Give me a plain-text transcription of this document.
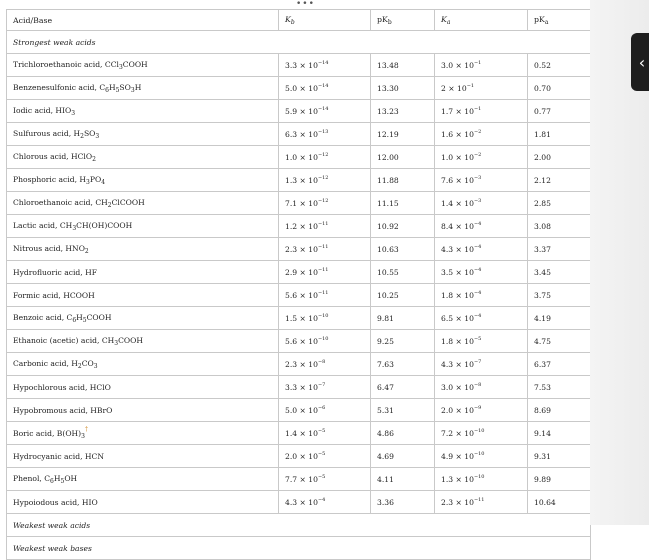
•••
Acid/Base	$K_b$	$pK_b$	$K_a$	$pK_a$
Strongest weak acids				
Trichloroethanoic acid, CCl$_3$COOH	$3.3 \times 10^{-14}$	13.48	$3.0 \times 10^{-1}$	0.52
Benzenesulfonic acid, $C_6H_5SO_3H$	$5.0 \times 10^{-14}$	13.30	$2 \times 10^{-1}$	0.70
Iodic acid, $HIO_3$	$5.9 \times 10^{-14}$	13.23	$1.7 \times 10^{-1}$	0.77
Sulfurous acid, $H_2SO_3$	$6.3 \times 10^{-13}$	12.19	$1.6 \times 10^{-2}$	1.81
Chlorous acid, HClO$_2$	$1.0 \times 10^{-12}$	12.00	$1.0 \times 10^{-2}$	2.00
Phosphoric acid, $H_3PO_4$	$1.3 \times 10^{-12}$	11.88	$7.6 \times 10^{-3}$	2.12
Chloroethanoic acid, $CH_2ClCOOH$	$7.1 \times 10^{-12}$	11.15	$1.4 \times 10^{-3}$	2.85
Lactic acid, $CH_3CH(OH)COOH$	$1.2 \times 10^{-11}$	10.92	$8.4 \times 10^{-4}$	3.08
Nitrous acid, $HNO_2$	$2.3 \times 10^{-11}$	10.63	$4.3 \times 10^{-4}$	3.37
Hydrofluoric acid, HF	$2.9 \times 10^{-11}$	10.55	$3.5 \times 10^{-4}$	3.45
Formic acid, HCOOH	$5.6 \times 10^{-11}$	10.25	$1.8 \times 10^{-4}$	3.75
Benzoic acid, $C_6H_5COOH$	$1.5 \times 10^{-10}$	9.81	$6.5 \times 10^{-4}$	4.19
Ethanoic (acetic) acid, $CH_3COOH$	$5.6 \times 10^{-10}$	9.25	$1.8 \times 10^{-5}$	4.75
Carbonic acid, $H_2CO_3$	$2.3 \times 10^{-8}$	7.63	$4.3 \times 10^{-7}$	6.37
Hypochlorous acid, HClO	$3.3 \times 10^{-7}$	6.47	$3.0 \times 10^{-8}$	7.53
Hypobromous acid, HBrO	$5.0 \times 10^{-6}$	5.31	$2.0 \times 10^{-9}$	8.69
Boric acid, $B(OH)_3^\dagger$	$1.4 \times 10^{-5}$	4.86	$7.2 \times 10^{-10}$	9.14
Hydrocyanic acid, HCN	$2.0 \times 10^{-5}$	4.69	$4.9 \times 10^{-10}$	9.31
Phenol, $C_6H_5OH$	$7.7 \times 10^{-5}$	4.11	$1.3 \times 10^{-10}$	9.89
Hypoiodous acid, HIO	$4.3 \times 10^{-4}$	3.36	$2.3 \times 10^{-11}$	10.64
Weakest weak acids				
Weakest weak bases				
‹
